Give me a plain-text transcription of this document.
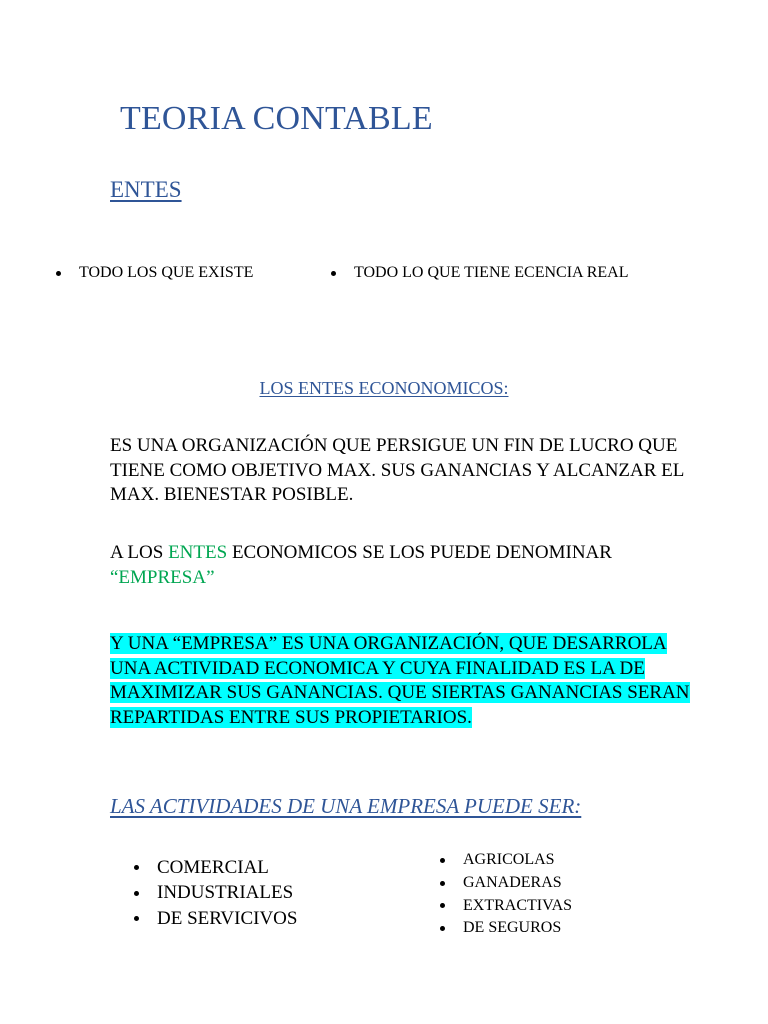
TEORIA CONTABLE
ENTES
TODO LOS QUE EXISTE	TODO LO QUE TIENE ECENCIA REAL
LOS ENTES ECONONOMICOS:
ES UNA ORGANIZACIÓN QUE PERSIGUE UN FIN DE LUCRO QUE TIENE COMO OBJETIVO MAX. SUS GANANCIAS Y ALCANZAR EL MAX. BIENESTAR POSIBLE.
A LOS ENTES ECONOMICOS SE LOS PUEDE DENOMINAR “EMPRESA”
Y UNA “EMPRESA” ES UNA ORGANIZACIÓN, QUE DESARROLA UNA ACTIVIDAD ECONOMICA Y CUYA FINALIDAD ES LA DE MAXIMIZAR SUS GANANCIAS. QUE SIERTAS GANANCIAS SERAN REPARTIDAS ENTRE SUS PROPIETARIOS.
LAS ACTIVIDADES DE UNA EMPRESA PUEDE SER:
COMERCIAL
INDUSTRIALES
DE SERVICIVOS
AGRICOLAS
GANADERAS
EXTRACTIVAS
DE SEGUROS
